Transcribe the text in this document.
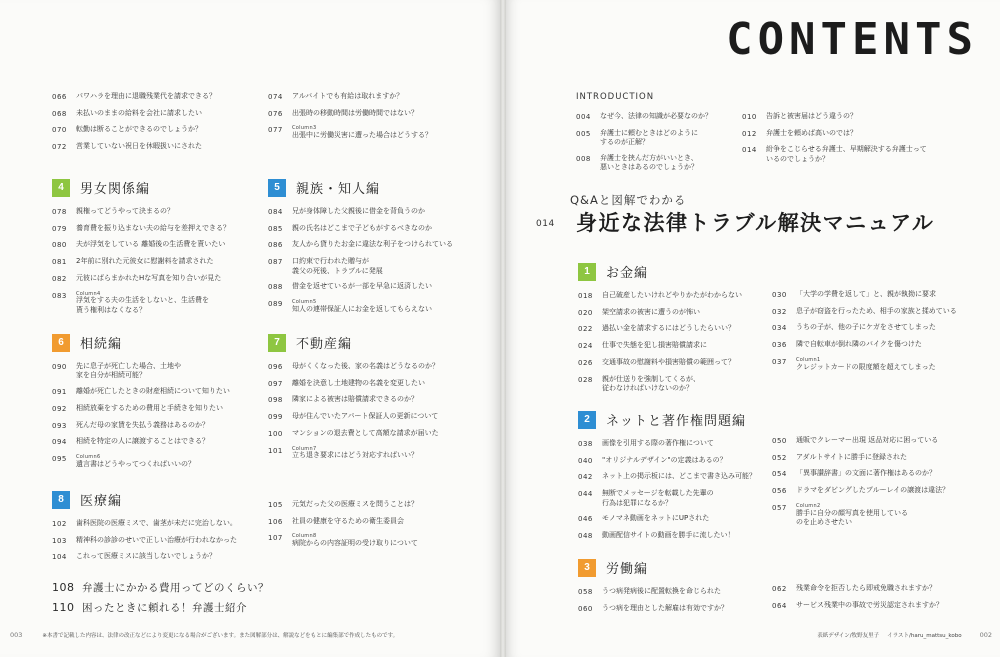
066	パワハラを理由に退職残業代を請求できる？
068	未払いのままの給料を会社に請求したい
070	転勤は断ることができるのでしょうか？
072	営業していない祝日を休暇扱いにされた
074	アルバイトでも有給は取れますか？
076	出張時の移動時間は労働時間ではない？
077	Column3
出張中に労働災害に遭った場合はどうする？
4	男女関係編
078	親権ってどうやって決まるの？
079	養育費を振り込まない夫の給与を差押えできる？
080	夫が浮気をしている 離婚後の生活費を貰いたい
081	2年前に別れた元彼女に慰謝料を請求された
082	元彼にばらまかれたHな写真を知り合いが見た
083	Column4
浮気をする夫の生活をしないと、生活費を
貰う権利はなくなる？
5	親族・知人編
084	兄が身体障した父親後に借金を背負うのか
085	親の氏名はどこまで子どもがするべきなのか
086	友人から貸りたお金に違法な利子をつけられている
087	口約束で行われた贈与が
義父の死後、トラブルに発展
088	借金を返せているが一部を早急に返済したい
089	Column5
知人の連帯保証人にお金を返してもらえない
6	相続編
090	先に息子が死亡した場合、土地や
家を自分が相続可能？
091	離婚が死亡したときの財産相続について知りたい
092	相続放棄をするための費用と手続きを知りたい
093	死んだ母の家賃を失払う義務はあるのか？
094	相続を特定の人に譲渡することはできる？
095	Column6
遺言書はどうやってつくればいいの？
7	不動産編
096	母がくくなった後、家の名義はどうなるのか？
097	離婚を決意し土地建物の名義を変更したい
098	隣家による被害は賠償請求できるのか？
099	母が住んでいたアパート保証人の更新について
100	マンションの退去費として高額な請求が届いた
101	Column7
立ち退き要求にはどう対応すればいい？
8	医療編
102	歯科医院の医療ミスで、歯茎が未だに完治しない。
103	精神科の診診のせいで正しい治療が行われなかった
104	これって医療ミスに該当しないでしょうか？
105	元気だった父の医療ミスを問うことは？
106	社員の健康を守るための衛生委員会
107	Column8
病院からの内容証明の受け取りについて
108 弁護士にかかる費用ってどのくらい？
110 困ったときに頼れる！弁護士紹介
003	※本書で記載した内容は、法律の改正などにより変更になる場合がございます。また図解部分は、解説などをもとに編集部で作成したものです。
CONTENTS
INTRODUCTION
004	なぜ今、法律の知識が必要なのか？
005	弁護士に頼むときはどのように
するのが正解？
008	弁護士を挟んだ方がいいとき、
悪いときはあるのでしょうか？
010	告訴と被害届はどう違うの？
012	弁護士を頼めば高いのでは？
014	紛争をこじらせる弁護士、早期解決する弁護士って
いるのでしょうか？
Q&Aと図解でわかる
014	身近な法律トラブル解決マニュアル
1	お金編
018	自己破産したいけれどやりかたがわからない
020	架空請求の被害に遭うのが怖い
022	過払い金を請求するにはどうしたらいい？
024	仕事で失態を犯し損害賠償請求に
026	交通事故の慰謝料や損害賠償の範囲って？
028	親が仕送りを強制してくるが、
従わなければいけないのか？
030	「大学の学費を返して」と、親が執拗に要求
032	息子が窃盗を行ったため、相手の家族と揉めている
034	うちの子が、他の子にケガをさせてしまった
036	隣で自転車が倒れ隣のバイクを傷つけた
037	Column1
クレジットカードの限度額を超えてしまった
2	ネットと著作権問題編
038	画像を引用する際の著作権について
040	"オリジナルデザイン"の定義はあるの？
042	ネット上の掲示板には、どこまで書き込み可能？
044	無断でメッセージを転載した先輩の
行為は犯罪になるか？
046	モノマネ動画をネットにUPされた
048	動画配信サイトの動画を勝手に流したい！
050	通販でクレーマー出現 返品対応に困っている
052	アダルトサイトに勝手に登録された
054	「異事讃辞書」の文面に著作権はあるのか？
056	ドラマをダビングしたブルーレイの譲渡は違法？
057	Column2
勝手に自分の顔写真を使用している
のを止めさせたい
3	労働編
058	うつ病発病後に配置転換を命じられた
060	うつ病を理由とした解雇は有効ですか？
062	残業命令を拒否したら即戒免職されますか？
064	サービス残業中の事故で労災認定されますか？
表紙デザイン/牧野友里子 イラスト/haru_mattsu_kobo	002
